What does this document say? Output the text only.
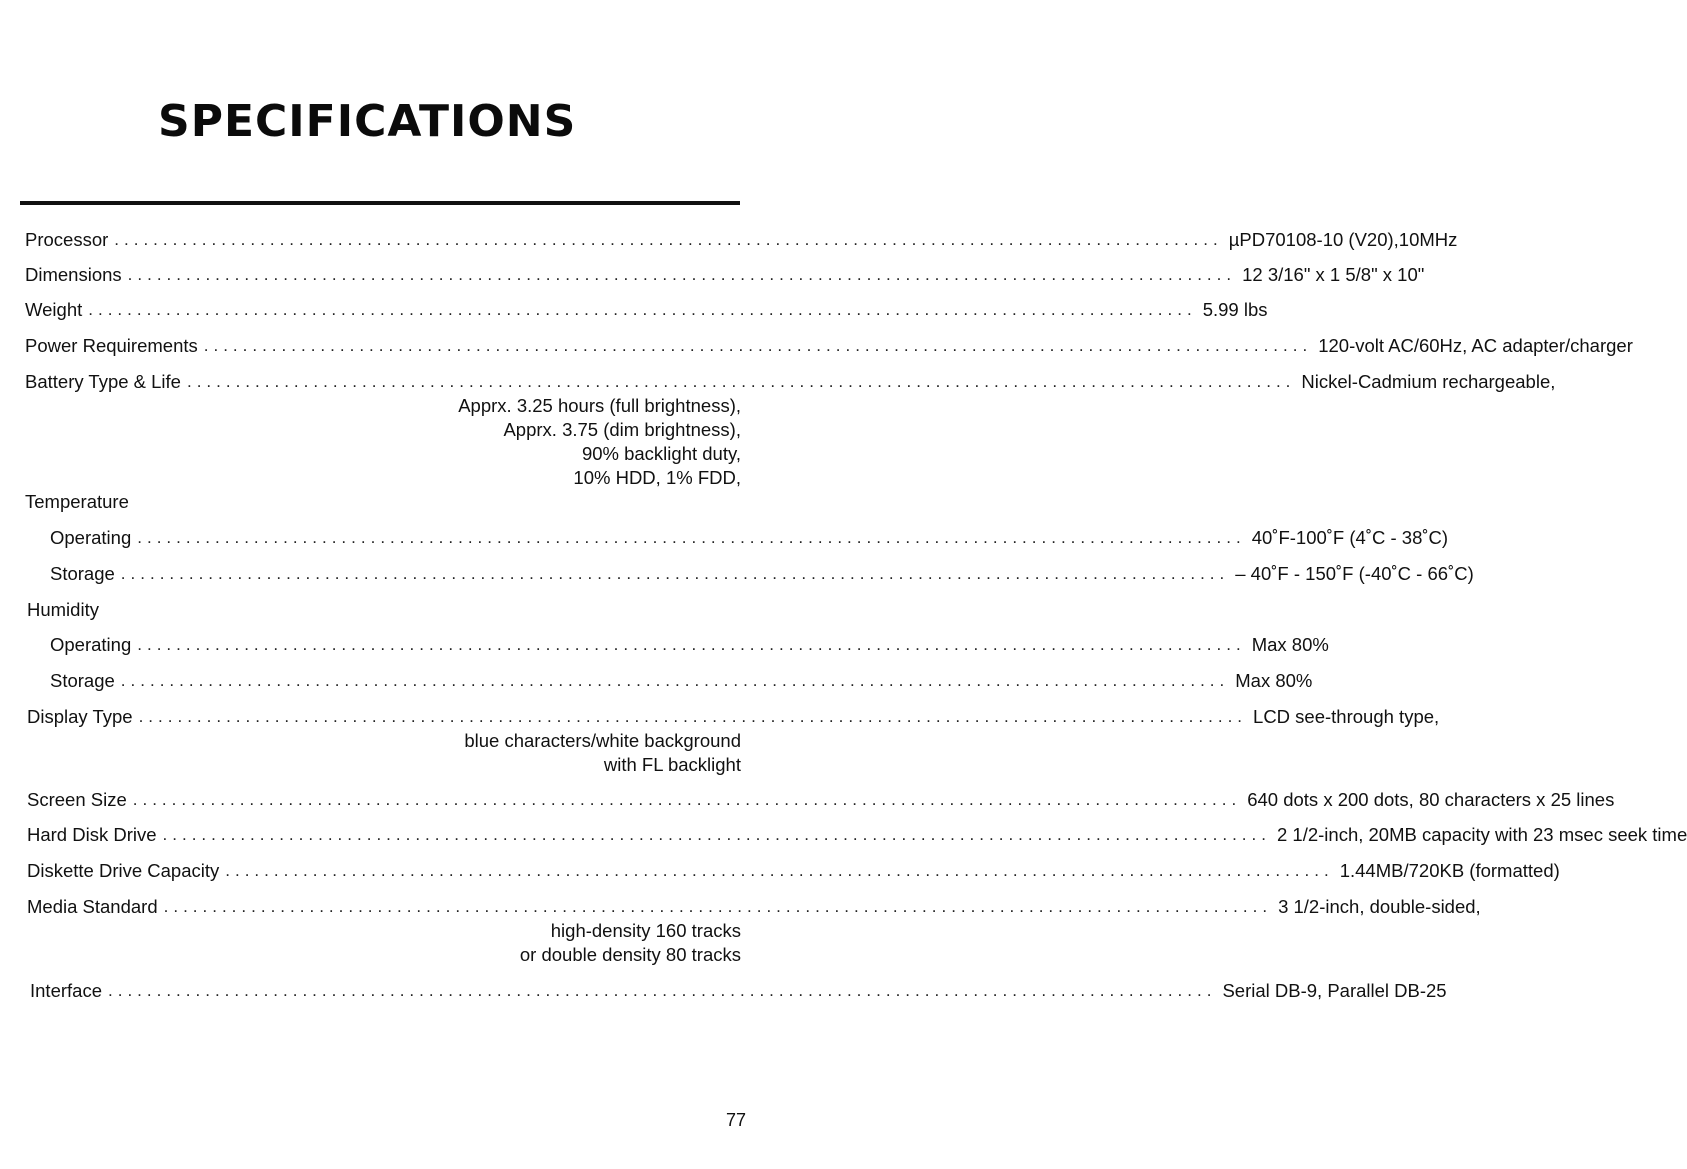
SPECIFICATIONS
Processor .................................................................................................................. µPD70108-10 (V20),10MHz
Dimensions .................................................................................................................. 12 3/16" x 1 5/8" x 10"
Weight .................................................................................................................. 5.99 lbs
Power Requirements .................................................................................................................. 120-volt AC/60Hz, AC adapter/charger
Battery Type & Life .................................................................................................................. Nickel-Cadmium rechargeable,
Apprx. 3.25 hours (full brightness),
Apprx. 3.75 (dim brightness),
90% backlight duty,
10% HDD, 1% FDD,
Temperature
Operating .................................................................................................................. 40˚F-100˚F (4˚C - 38˚C)
Storage .................................................................................................................. – 40˚F - 150˚F (-40˚C - 66˚C)
Humidity
Operating .................................................................................................................. Max 80%
Storage .................................................................................................................. Max 80%
Display Type .................................................................................................................. LCD see-through type,
blue characters/white background
with FL backlight
Screen Size .................................................................................................................. 640 dots x 200 dots, 80 characters x 25 lines
Hard Disk Drive .................................................................................................................. 2 1/2-inch, 20MB capacity with 23 msec seek time
Diskette Drive Capacity .................................................................................................................. 1.44MB/720KB (formatted)
Media Standard .................................................................................................................. 3 1/2-inch, double-sided,
high-density 160 tracks
or double density 80 tracks
Interface .................................................................................................................. Serial DB-9, Parallel DB-25
77
